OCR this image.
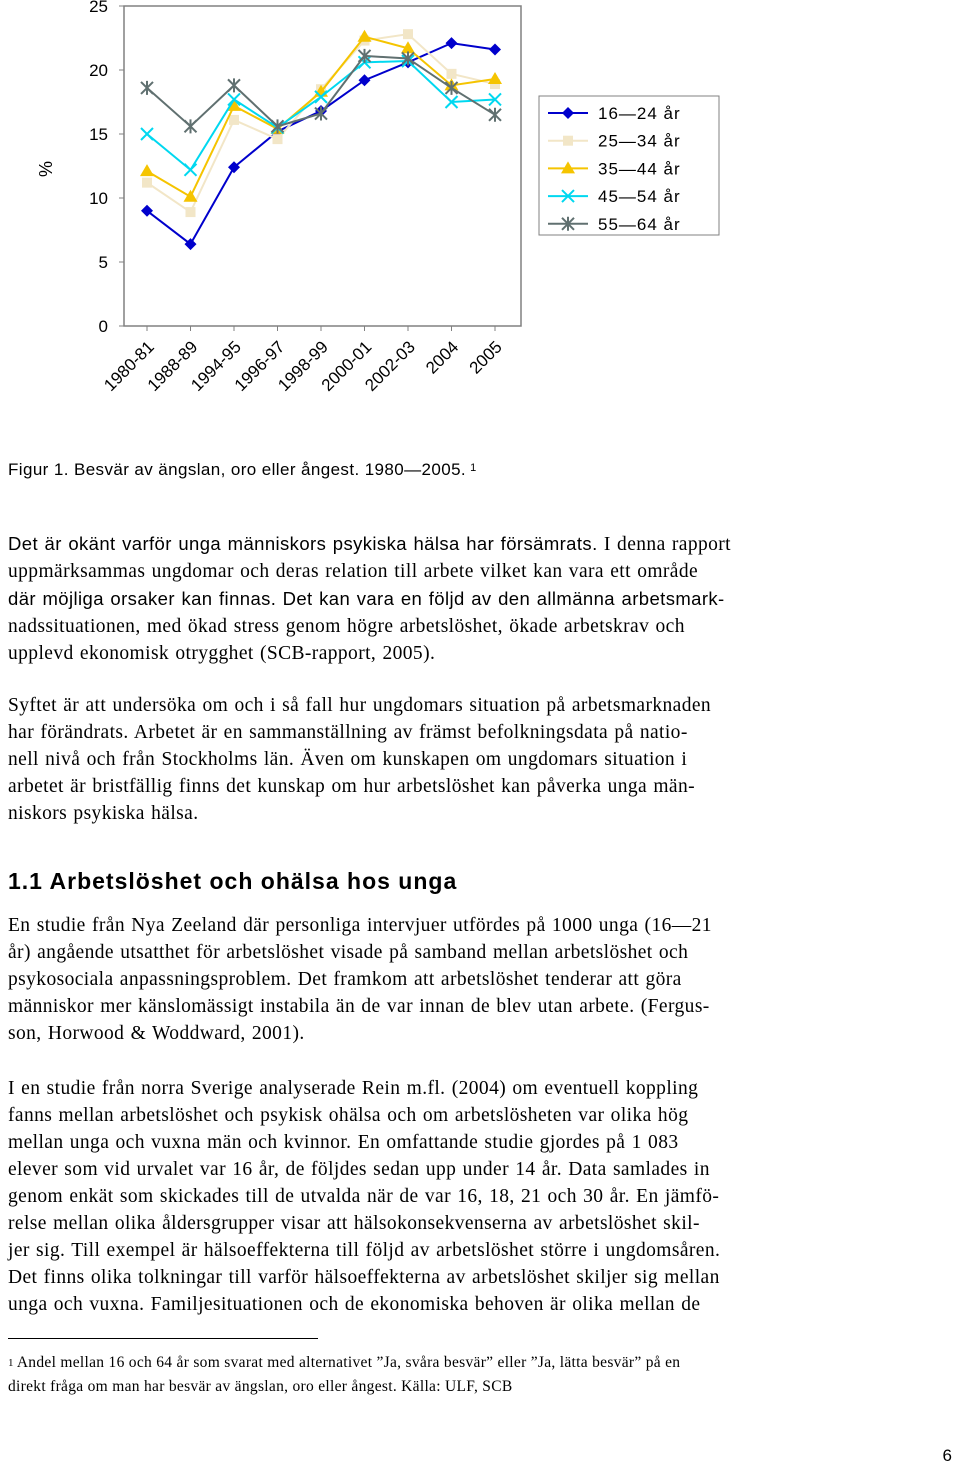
%
0
5
10
15
20
25
1980-81
1988-89
1994-95
1996-97
1998-99
2000-01
2002-03 2004 2005
16—24 år
25—34 år
35—44 år
45—54 år
55—64 år
Figur 1. Besvär av ängslan, oro eller ångest. 1980—2005. $^1$

Det är okänt varför unga människors psykiska hälsa har försämrats. I denna rapport
uppmärksammas ungdomar och deras relation till arbete vilket kan vara ett område
där möjliga orsaker kan finnas. Det kan vara en följd av den allmänna arbetsmark-
nadssituationen, med ökad stress genom högre arbetslöshet, ökade arbetskrav och
upplevd ekonomisk otrygghet (SCB-rapport, 2005).

Syftet är att undersöka om och i så fall hur ungdomars situation på arbetsmarknaden
har förändrats. Arbetet är en sammanställning av främst befolkningsdata på natio-
nell nivå och från Stockholms län. Även om kunskapen om ungdomars situation i
arbetet är bristfällig finns det kunskap om hur arbetslöshet kan påverka unga män-
niskors psykiska hälsa.

1.1 Arbetslöshet och ohälsa hos unga

En studie från Nya Zeeland där personliga intervjuer utfördes på 1000 unga (16—21
år) angående utsatthet för arbetslöshet visade på samband mellan arbetslöshet och
psykosociala anpassningsproblem. Det framkom att arbetslöshet tenderar att göra
människor mer känslomässigt instabila än de var innan de blev utan arbete. (Fergus-
son, Horwood & Woddward, 2001).

I en studie från norra Sverige analyserade Rein m.fl. (2004) om eventuell koppling
fanns mellan arbetslöshet och psykisk ohälsa och om arbetslösheten var olika hög
mellan unga och vuxna män och kvinnor. En omfattande studie gjordes på 1 083
elever som vid urvalet var 16 år, de följdes sedan upp under 14 år. Data samlades in
genom enkät som skickades till de utvalda när de var 16, 18, 21 och 30 år. En jämfö-
relse mellan olika åldersgrupper visar att hälsokonsekvenserna av arbetslöshet skil-
jer sig. Till exempel är hälsoeffekterna till följd av arbetslöshet större i ungdomsåren.
Det finns olika tolkningar till varför hälsoeffekterna av arbetslöshet skiljer sig mellan
unga och vuxna. Familjesituationen och de ekonomiska behoven är olika mellan de

$^1$ Andel mellan 16 och 64 år som svarat med alternativet ”Ja, svåra besvär” eller ”Ja, lätta besvär” på en
direkt fråga om man har besvär av ängslan, oro eller ångest. Källa: ULF, SCB

6
